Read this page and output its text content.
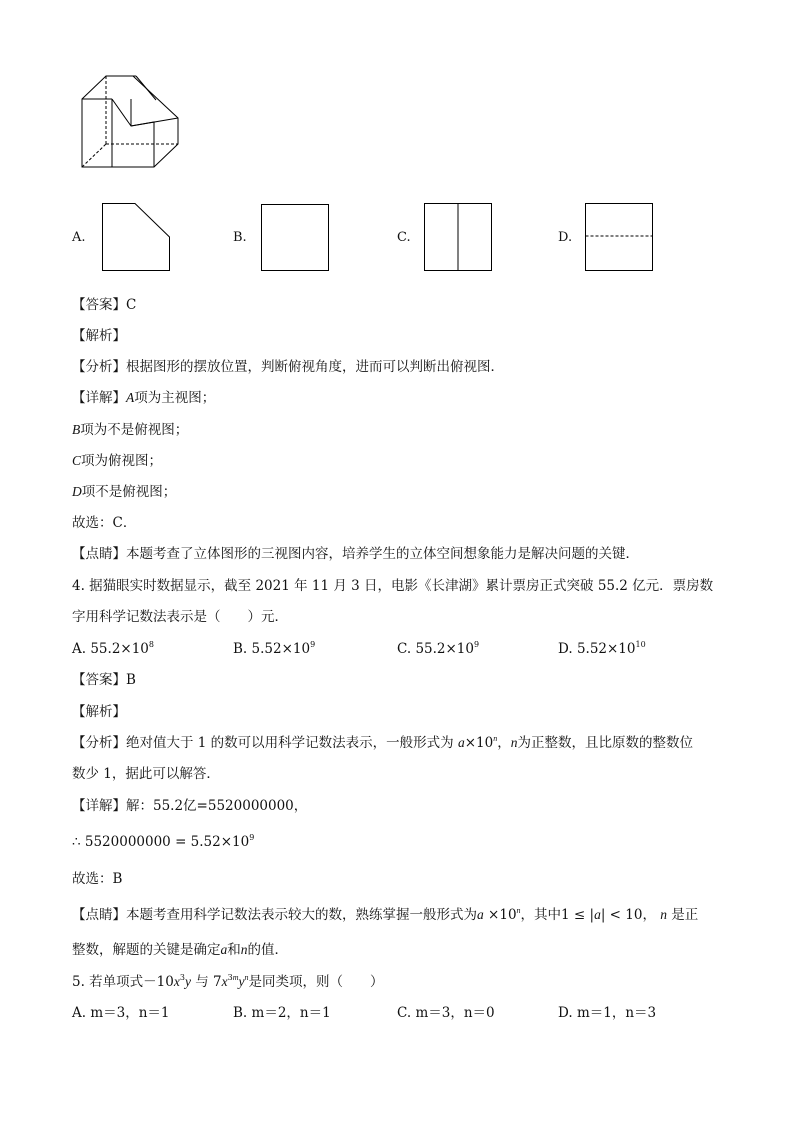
A.	B.	C.	D.
【答案】C
【解析】
【分析】根据图形的摆放位置，判断俯视角度，进而可以判断出俯视图．
【详解】A项为主视图；
B项为不是俯视图；
C项为俯视图；
D项不是俯视图；
故选：C．
【点睛】本题考查了立体图形的三视图内容，培养学生的立体空间想象能力是解决问题的关键．
4. 据猫眼实时数据显示，截至 2021 年 11 月 3 日，电影《长津湖》累计票房正式突破 55.2 亿元．票房数
字用科学记数法表示是（　　）元．
A. $55.2\times 10^8$	B. $5.52\times 10^9$	C. $55.2\times 10^9$	D. $5.52\times 10^{10}$
【答案】B
【解析】
【分析】绝对值大于 1 的数可以用科学记数法表示，一般形式为 $a\times 10^n$，n为正整数，且比原数的整数位
数少 1，据此可以解答．
【详解】解：55.2亿=5520000000，
∴ $5520000000 = 5.52\times 10^9$
故选：B
【点睛】本题考查用科学记数法表示较大的数，熟练掌握一般形式为$a \times 10^n$，其中1 ≤ |a| < 10， n 是正
整数，解题的关键是确定a和n的值．
5. 若单项式$-10x^3y$ 与 $7x^{3m}y^n$是同类项，则（　　）
A. m＝3，n＝1	B. m＝2，n＝1	C. m＝3，n＝0	D. m＝1，n＝3
